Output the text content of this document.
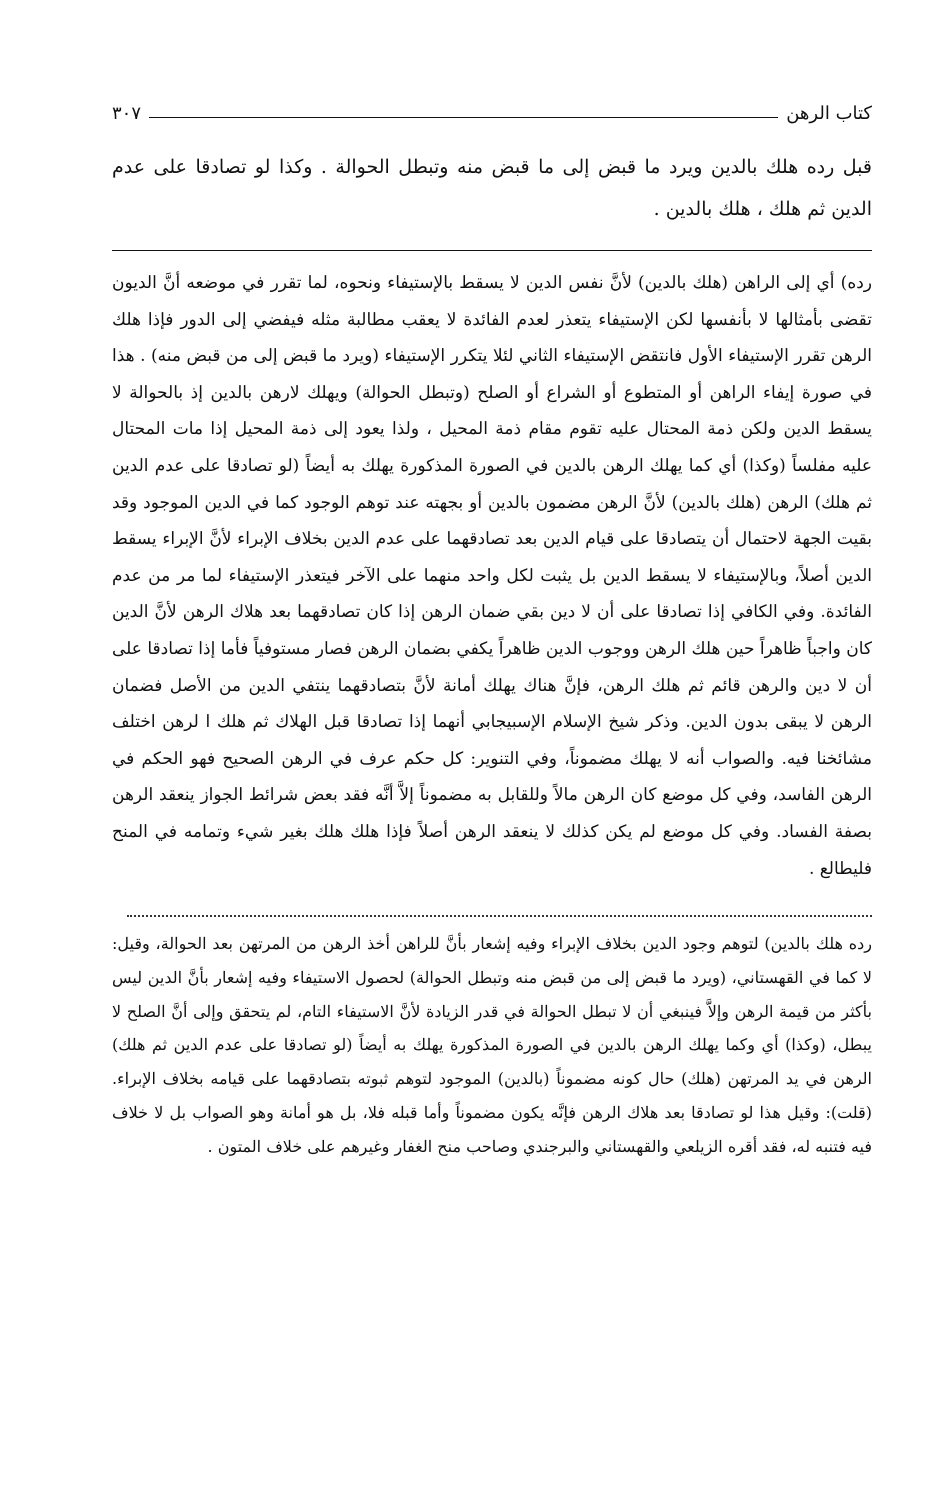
كتاب الرهن
٣٠٧

قبل رده هلك بالدين ويرد ما قبض إلى ما قبض منه وتبطل الحوالة . وكذا لو تصادقا على عدم الدين ثم هلك ، هلك بالدين .

رده) أي إلى الراهن (هلك بالدين) لأنَّ نفس الدين لا يسقط بالإستيفاء ونحوه، لما تقرر في موضعه أنَّ الديون تقضى بأمثالها لا بأنفسها لكن الإستيفاء يتعذر لعدم الفائدة لا يعقب مطالبة مثله فيفضي إلى الدور فإذا هلك الرهن تقرر الإستيفاء الأول فانتقض الإستيفاء الثاني لئلا يتكرر الإستيفاء (ويرد ما قبض إلى من قبض منه) . هذا في صورة إيفاء الراهن أو المتطوع أو الشراع أو الصلح (وتبطل الحوالة) ويهلك لارهن بالدين إذ بالحوالة لا يسقط الدين ولكن ذمة المحتال عليه تقوم مقام ذمة المحيل ، ولذا يعود إلى ذمة المحيل إذا مات المحتال عليه مفلساً (وكذا) أي كما يهلك الرهن بالدين في الصورة المذكورة يهلك به أيضاً (لو تصادقا على عدم الدين ثم هلك) الرهن (هلك بالدين) لأنَّ الرهن مضمون بالدين أو بجهته عند توهم الوجود كما في الدين الموجود وقد بقيت الجهة لاحتمال أن يتصادقا على قيام الدين بعد تصادقهما على عدم الدين بخلاف الإبراء لأنَّ الإبراء يسقط الدين أصلاً، وبالإستيفاء لا يسقط الدين بل يثبت لكل واحد منهما على الآخر فيتعذر الإستيفاء لما مر من عدم الفائدة. وفي الكافي إذا تصادقا على أن لا دين بقي ضمان الرهن إذا كان تصادقهما بعد هلاك الرهن لأنَّ الدين كان واجباً ظاهراً حين هلك الرهن ووجوب الدين ظاهراً يكفي بضمان الرهن فصار مستوفياً فأما إذا تصادقا على أن لا دين والرهن قائم ثم هلك الرهن، فإنَّ هناك يهلك أمانة لأنَّ بتصادقهما ينتفي الدين من الأصل فضمان الرهن لا يبقى بدون الدين. وذكر شيخ الإسلام الإسبيجابي أنهما إذا تصادقا قبل الهلاك ثم هلك ا لرهن اختلف مشائخنا فيه. والصواب أنه لا يهلك مضموناً، وفي التنوير: كل حكم عرف في الرهن الصحيح فهو الحكم في الرهن الفاسد، وفي كل موضع كان الرهن مالاً وللقابل به مضموناً إلاَّ أنَّه فقد بعض شرائط الجواز ينعقد الرهن بصفة الفساد. وفي كل موضع لم يكن كذلك لا ينعقد الرهن أصلاً فإذا هلك هلك بغير شيء وتمامه في المنح فليطالع .

رده هلك بالدين) لتوهم وجود الدين بخلاف الإبراء وفيه إشعار بأنَّ للراهن أخذ الرهن من المرتهن بعد الحوالة، وقيل: لا كما في القهستاني، (ويرد ما قبض إلى من قبض منه وتبطل الحوالة) لحصول الاستيفاء وفيه إشعار بأنَّ الدين ليس بأكثر من قيمة الرهن وإلاَّ فينبغي أن لا تبطل الحوالة في قدر الزيادة لأنَّ الاستيفاء التام، لم يتحقق وإلى أنَّ الصلح لا يبطل، (وكذا) أي وكما يهلك الرهن بالدين في الصورة المذكورة يهلك به أيضاً (لو تصادقا على عدم الدين ثم هلك) الرهن في يد المرتهن (هلك) حال كونه مضموناً (بالدين) الموجود لتوهم ثبوته بتصادقهما على قيامه بخلاف الإبراء. (قلت): وقيل هذا لو تصادقا بعد هلاك الرهن فإنَّه يكون مضموناً وأما قبله فلا، بل هو أمانة وهو الصواب بل لا خلاف فيه فتنبه له، فقد أقره الزيلعي والقهستاني والبرجندي وصاحب منح الغفار وغيرهم على خلاف المتون .
